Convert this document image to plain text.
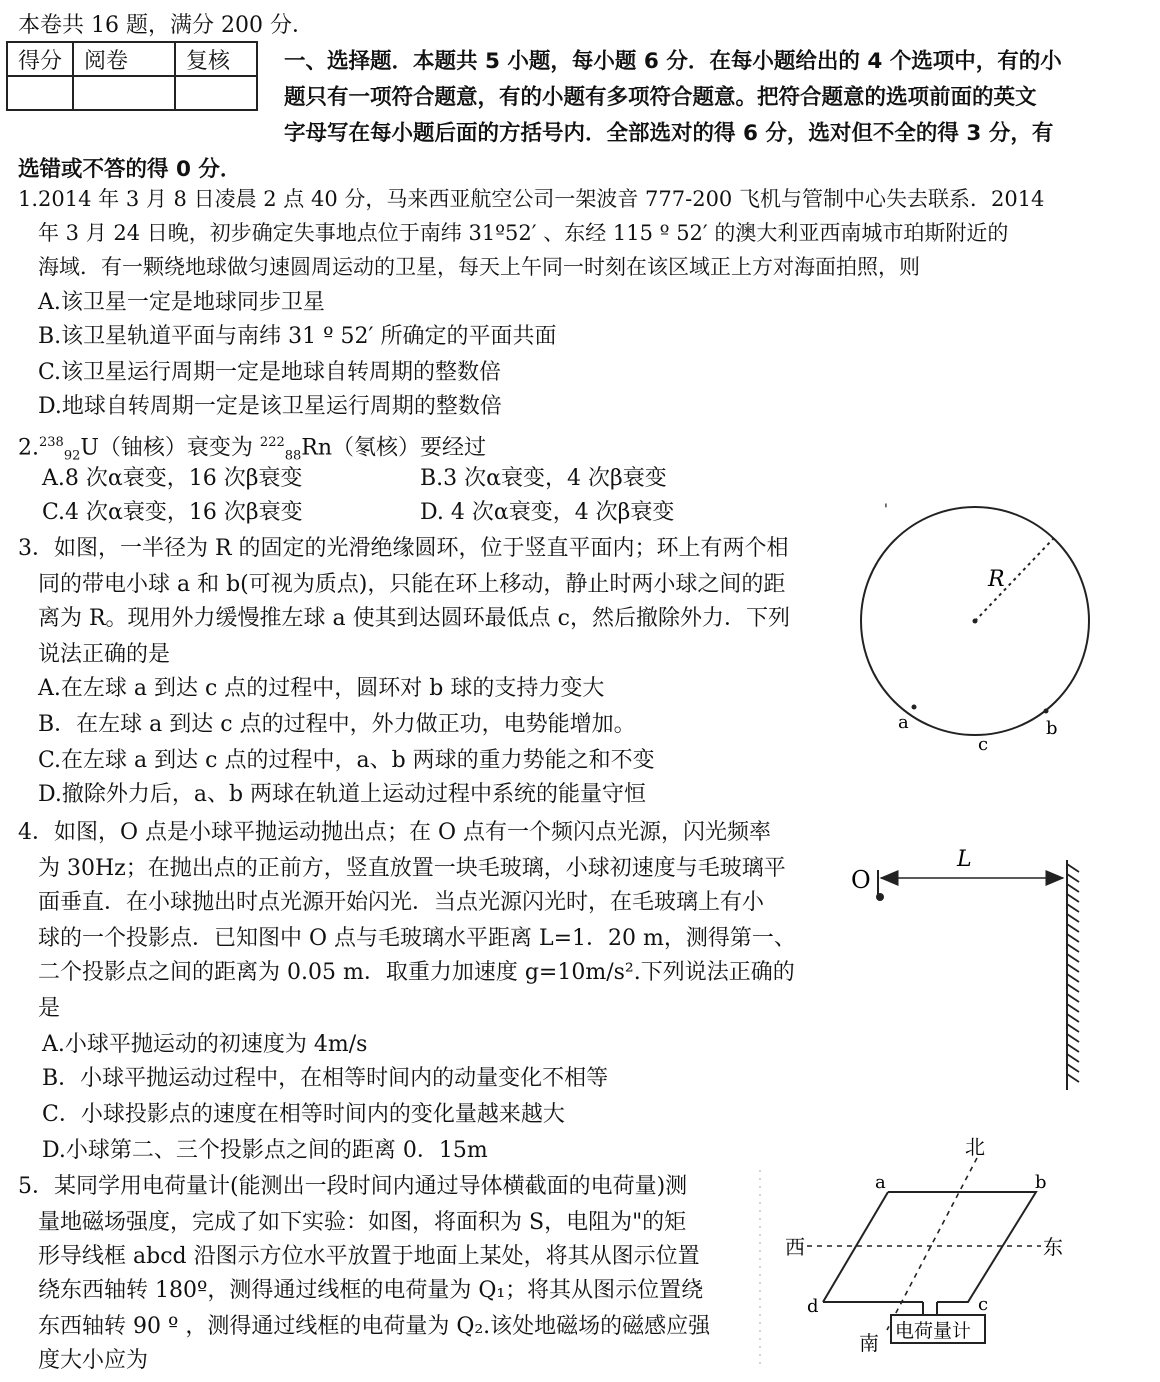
本卷共 16 题，满分 200 分．
得分	阅卷	复核
			一、选择题．本题共 5 小题，每小题 6 分．在每小题给出的 4 个选项中，有的小
题只有一项符合题意，有的小题有多项符合题意。把符合题意的选项前面的英文
字母写在每小题后面的方括号内．全部选对的得 6 分，选对但不全的得 3 分，有
选错或不答的得 0 分．
1.2014 年 3 月 8 日凌晨 2 点 40 分，马来西亚航空公司一架波音 777-200 飞机与管制中心失去联系．2014
年 3 月 24 日晚，初步确定失事地点位于南纬 31º52′ 、东经 115 º 52′ 的澳大利亚西南城市珀斯附近的
海域．有一颗绕地球做匀速圆周运动的卫星，每天上午同一时刻在该区域正上方对海面拍照，则
A.该卫星一定是地球同步卫星
B.该卫星轨道平面与南纬 31 º 52′ 所确定的平面共面
C.该卫星运行周期一定是地球自转周期的整数倍
D.地球自转周期一定是该卫星运行周期的整数倍
2.$^{238}_{92}$U（铀核）衰变为 $^{222}_{88}$Rn（氡核）要经过
A.8 次α衰变，16 次β衰变	B.3 次α衰变，4 次β衰变
C.4 次α衰变，16 次β衰变	D. 4 次α衰变，4 次β衰变
3．如图，一半径为 R 的固定的光滑绝缘圆环，位于竖直平面内；环上有两个相
同的带电小球 a 和 b(可视为质点)，只能在环上移动，静止时两小球之间的距
离为 R。现用外力缓慢推左球 a 使其到达圆环最低点 c，然后撤除外力．下列
说法正确的是
A.在左球 a 到达 c 点的过程中，圆环对 b 球的支持力变大
B．在左球 a 到达 c 点的过程中，外力做正功，电势能增加。
C.在左球 a 到达 c 点的过程中，a、b 两球的重力势能之和不变
D.撤除外力后，a、b 两球在轨道上运动过程中系统的能量守恒
'
R
a	b
c
4．如图，O 点是小球平抛运动抛出点；在 O 点有一个频闪点光源，闪光频率
为 30Hz；在抛出点的正前方，竖直放置一块毛玻璃，小球初速度与毛玻璃平
面垂直．在小球抛出时点光源开始闪光．当点光源闪光时，在毛玻璃上有小
球的一个投影点．已知图中 O 点与毛玻璃水平距离 L=1．20 m，测得第一、
二个投影点之间的距离为 0.05 m．取重力加速度 g=10m/s².下列说法正确的
是
A.小球平抛运动的初速度为 4m/s
B．小球平抛运动过程中，在相等时间内的动量变化不相等
C．小球投影点的速度在相等时间内的变化量越来越大
D.小球第二、三个投影点之间的距离 0．15m
O
L
5．某同学用电荷量计(能测出一段时间内通过导体横截面的电荷量)测
量地磁场强度，完成了如下实验：如图，将面积为 S，电阻为"的矩
形导线框 abcd 沿图示方位水平放置于地面上某处，将其从图示位置
绕东西轴转 180º，测得通过线框的电荷量为 Q₁；将其从图示位置绕
东西轴转 90 º ，测得通过线框的电荷量为 Q₂.该处地磁场的磁感应强
度大小应为
北
南
西	东
a	b
c
d
电荷量计
